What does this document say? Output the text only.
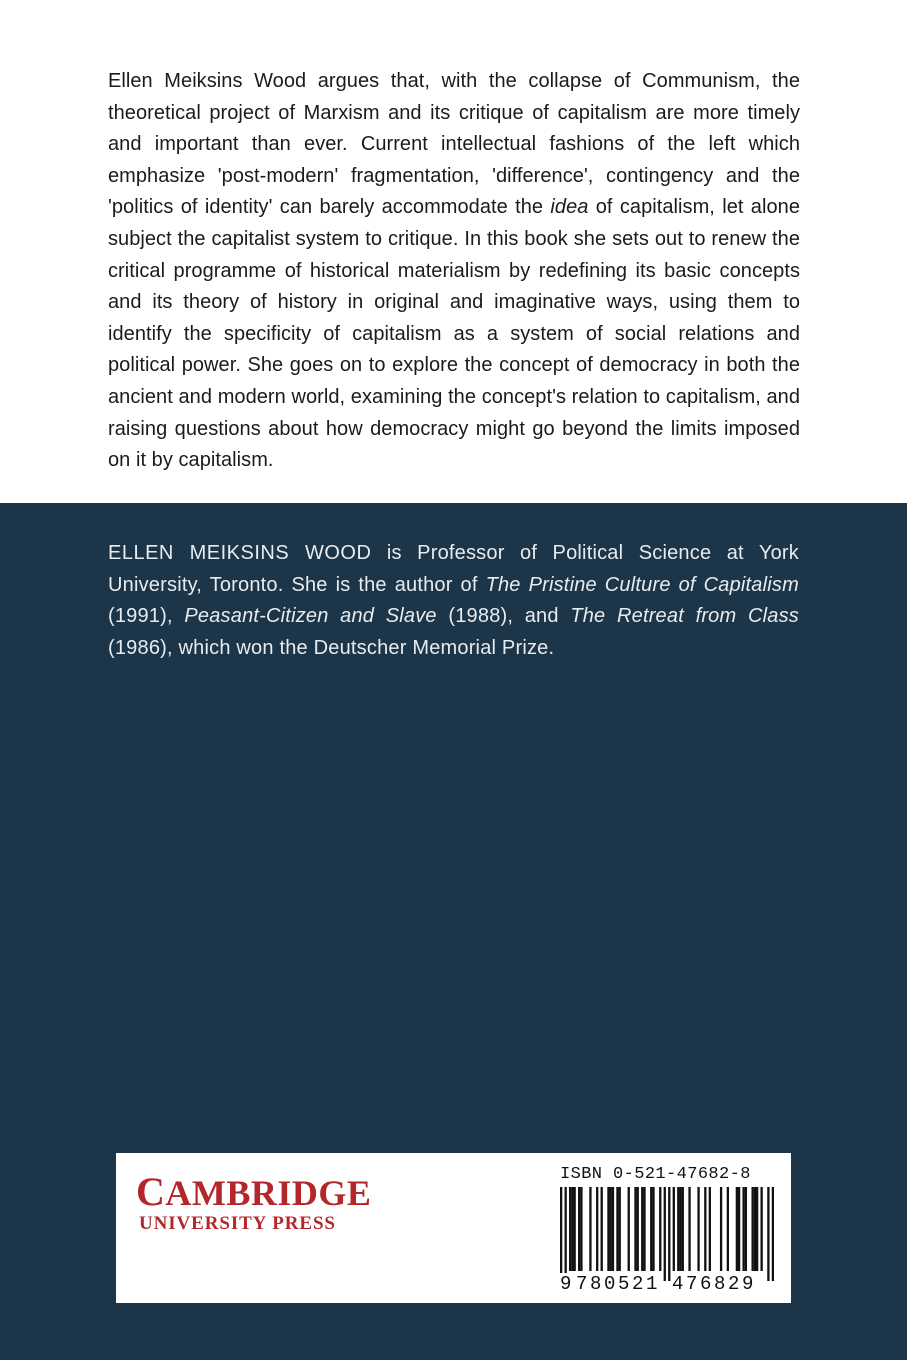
Ellen Meiksins Wood argues that, with the collapse of Communism, the theoretical project of Marxism and its critique of capitalism are more timely and important than ever. Current intellectual fashions of the left which emphasize 'post-modern' fragmentation, 'difference', contingency and the 'politics of identity' can barely accommodate the idea of capitalism, let alone subject the capitalist system to critique. In this book she sets out to renew the critical programme of historical materialism by redefining its basic concepts and its theory of history in original and imaginative ways, using them to identify the specificity of capitalism as a system of social relations and political power. She goes on to explore the concept of democracy in both the ancient and modern world, examining the concept's relation to capitalism, and raising questions about how democracy might go beyond the limits imposed on it by capitalism.

ELLEN MEIKSINS WOOD is Professor of Political Science at York University, Toronto. She is the author of The Pristine Culture of Capitalism (1991), Peasant-Citizen and Slave (1988), and The Retreat from Class (1986), which won the Deutscher Memorial Prize.

CAMBRIDGE
UNIVERSITY PRESS
ISBN 0-521-47682-8
9 780521 476829
